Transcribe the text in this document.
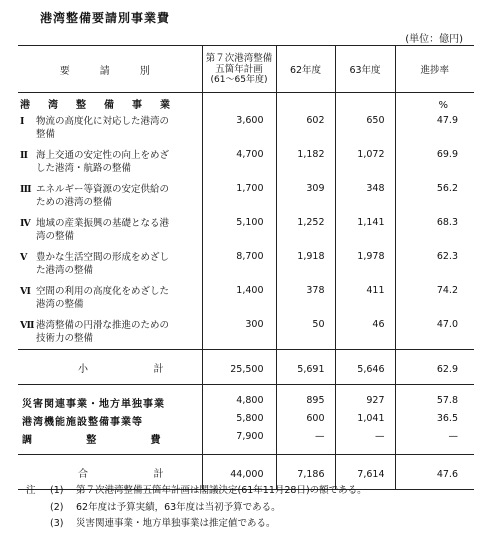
港湾整備要請別事業費
(単位：億円)
要　請　別	第７次港湾整備
五箇年計画
(61〜65年度)	62年度	63年度	進捗率
港　湾　整　備　事　業				%

Ⅰ 物流の高度化に対応した港湾の
整備	3,600	602	650	47.9

Ⅱ 海上交通の安定性の向上をめざ
した港湾・航路の整備	4,700	1,182	1,072	69.9

Ⅲ エネルギー等資源の安定供給の
ための港湾の整備	1,700	309	348	56.2

Ⅳ 地域の産業振興の基礎となる港
湾の整備	5,100	1,252	1,141	68.3

Ⅴ 豊かな生活空間の形成をめざし
た港湾の整備	8,700	1,918	1,978	62.3

Ⅵ 空間の利用の高度化をめざした
港湾の整備	1,400	378	411	74.2

Ⅶ 港湾整備の円滑な推進のための
技術力の整備	300	50	46	47.0

小 計	25,500	5,691	5,646	62.9
災害関連事業・地方単独事業	4,800	895	927	57.8
港湾機能施設整備事業等	5,800	600	1,041	36.5

調 整 費	7,900	—	—	—

合 計	44,000	7,186	7,614	47.6
注	(1)	第７次港湾整備五箇年計画は閣議決定(61年11月28日)の額である。
(2)	62年度は予算実績，63年度は当初予算である。
(3)	災害関連事業・地方単独事業は推定値である。
